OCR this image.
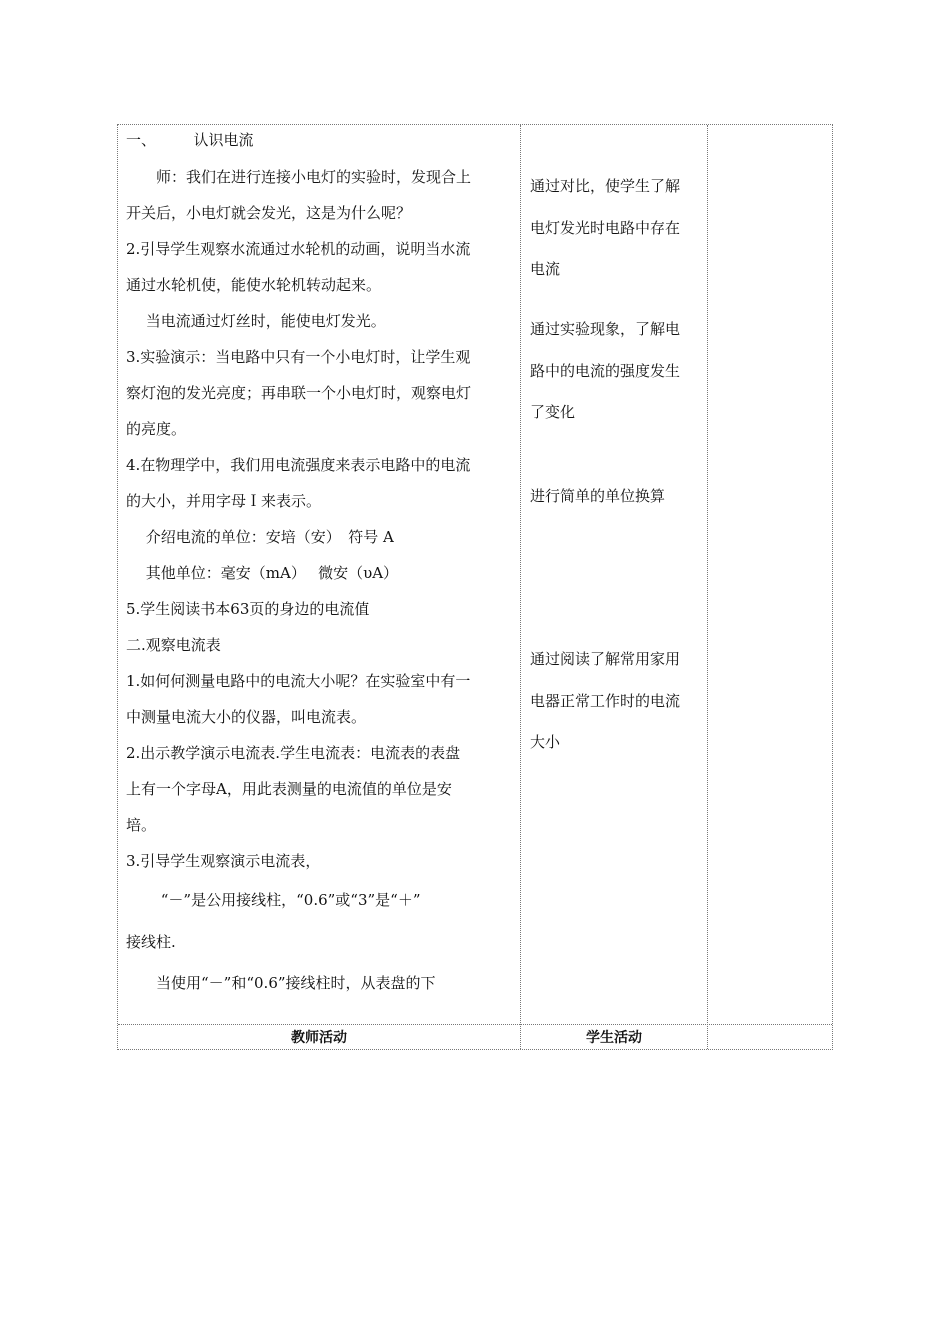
一、　　　认识电流

　　师：我们在进行连接小电灯的实验时，发现合上

开关后，小电灯就会发光，这是为什么呢？

2.引导学生观察水流通过水轮机的动画，说明当水流

通过水轮机使，能使水轮机转动起来。

　 当电流通过灯丝时，能使电灯发光。

3.实验演示：当电路中只有一个小电灯时，让学生观

察灯泡的发光亮度；再串联一个小电灯时，观察电灯

的亮度。

4.在物理学中，我们用电流强度来表示电路中的电流

的大小，并用字母Ｉ来表示。

　 介绍电流的单位：安培（安）　符号 A

　 其他单位：毫安（mA）　 微安（υA）

5.学生阅读书本63页的身边的电流值

二.观察电流表

1.如何何测量电路中的电流大小呢？在实验室中有一

中测量电流大小的仪器，叫电流表。

2.出示教学演示电流表.学生电流表：电流表的表盘

上有一个字母A，用此表测量的电流值的单位是安

培。

3.引导学生观察演示电流表，

　　 “－”是公用接线柱，“0.6”或“3”是“＋”

接线柱.

　　当使用“－”和“0.6”接线柱时，从表盘的下

通过对比，使学生了解

电灯发光时电路中存在

电流

通过实验现象，了解电

路中的电流的强度发生

了变化

进行简单的单位换算

通过阅读了解常用家用

电器正常工作时的电流

大小

教师活动	学生活动
